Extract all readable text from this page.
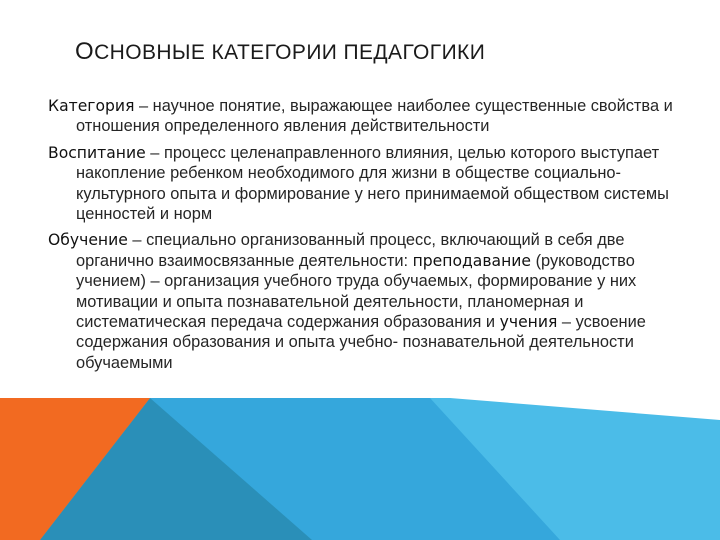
ОСНОВНЫЕ КАТЕГОРИИ ПЕДАГОГИКИ

Категория – научное понятие, выражающее наиболее существенные свойства и отношения определенного явления действительности

Воспитание – процесс целенаправленного влияния, целью которого выступает накопление ребенком необходимого для жизни в обществе социально-культурного опыта и формирование у него принимаемой обществом системы ценностей и норм

Обучение – специально организованный процесс, включающий в себя две органично взаимосвязанные деятельности: преподавание (руководство учением) – организация учебного труда обучаемых, формирование у них мотивации и опыта познавательной деятельности, планомерная и систематическая передача содержания образования и учения – усвоение содержания образования и опыта учебно- познавательной деятельности обучаемыми
